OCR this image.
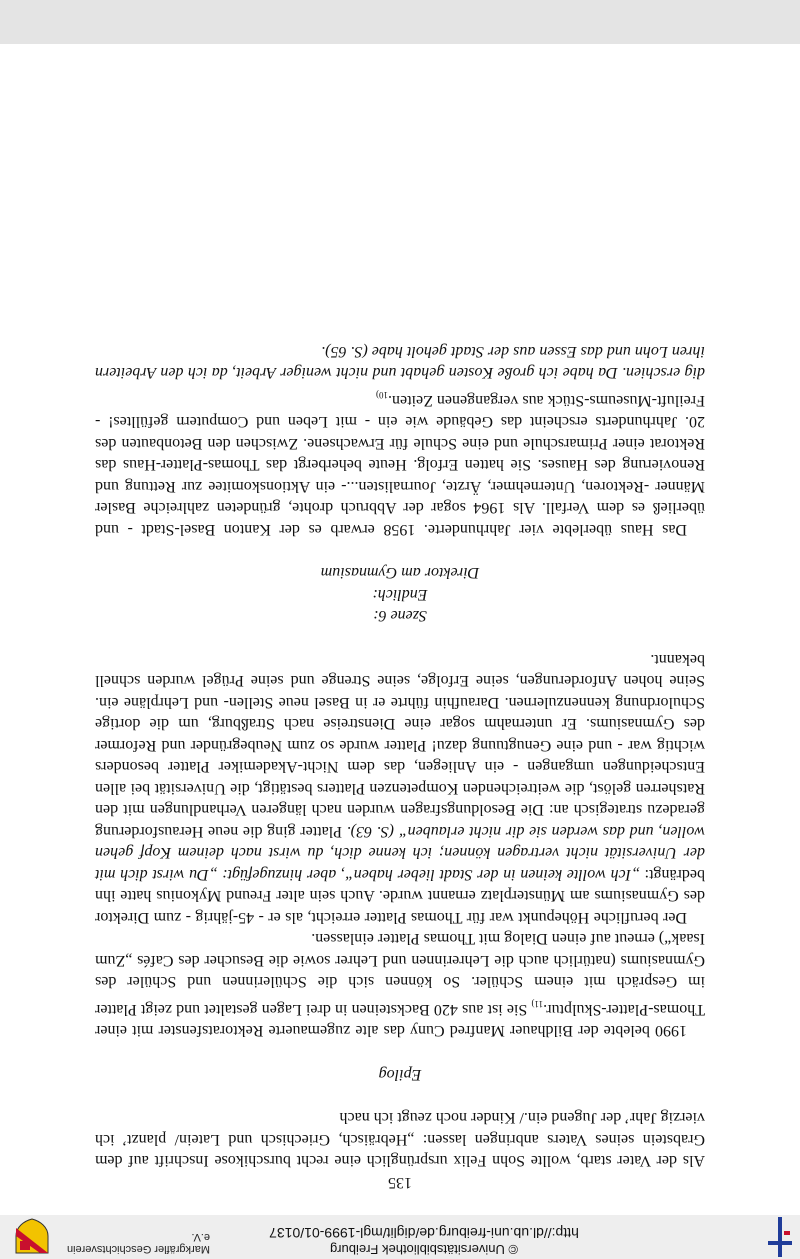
Markgräfler Geschichtsverein e.V.
© Universitätsbibliothek Freiburg
http://dl.ub.uni-freiburg.de/diglit/mgl-1999-01/0137

135

Als der Vater starb, wollte Sohn Felix ursprünglich eine recht burschikose Inschrift auf dem Grabstein seines Vaters anbringen lassen: „Hebräisch, Griechisch und Latein/ planzt’ ich vierzig Jahr’ der Jugend ein./ Kinder noch zeugt ich nach

Epilog

1990 belebte der Bildhauer Manfred Cuny das alte zugemauerte Rektoratsfenster mit einer Thomas-Platter-Skulptur.$^{11)}$ Sie ist aus 420 Backsteinen in drei Lagen gestaltet und zeigt Platter im Gespräch mit einem Schüler. So können sich die Schülerinnen und Schüler des Gymnasiums (natürlich auch die Lehrerinnen und Lehrer sowie die Besucher des Cafés „Zum Isaak“) erneut auf einen Dialog mit Thomas Platter einlassen.

Der berufliche Höhepunkt war für Thomas Platter erreicht, als er - 45-jährig - zum Direktor des Gymnasiums am Münsterplatz ernannt wurde. Auch sein alter Freund Mykonius hatte ihn bedrängt: „Ich wollte keinen in der Stadt lieber haben“, aber hinzugefügt: „Du wirst dich mit der Universität nicht vertragen können; ich kenne dich, du wirst nach deinem Kopf gehen wollen, und das werden sie dir nicht erlauben“ (S. 63). Platter ging die neue Herausforderung geradezu strategisch an: Die Besoldungsfragen wurden nach längeren Verhandlungen mit den Ratsherren gelöst, die weitreichenden Kompetenzen Platters bestätigt, die Universität bei allen Entscheidungen umgangen - ein Anliegen, das dem Nicht-Akademiker Platter besonders wichtig war - und eine Genugtuung dazu! Platter wurde so zum Neubegründer und Reformer des Gymnasiums. Er unternahm sogar eine Dienstreise nach Straßburg, um die dortige Schulordnung kennenzulernen. Daraufhin führte er in Basel neue Stellen- und Lehrpläne ein. Seine hohen Anforderungen, seine Erfolge, seine Strenge und seine Prügel wurden schnell bekannt.

Szene 6:
Endlich:
Direktor am Gymnasium

Das Haus überlebte vier Jahrhunderte. 1958 erwarb es der Kanton Basel-Stadt - und überließ es dem Verfall. Als 1964 sogar der Abbruch drohte, gründeten zahlreiche Basler Männer -Rektoren, Unternehmer, Ärzte, Journalisten...- ein Aktionskomitee zur Rettung und Renovierung des Hauses. Sie hatten Erfolg. Heute beherbergt das Thomas-Platter-Haus das Rektorat einer Primarschule und eine Schule für Erwachsene. Zwischen den Betonbauten des 20. Jahrhunderts erscheint das Gebäude wie ein - mit Leben und Computern gefülltes! -Freiluft-Museums-Stück aus vergangenen Zeiten.$^{10)}$

dig erschien. Da habe ich große Kosten gehabt und nicht weniger Arbeit, da ich den Arbeitern ihren Lohn und das Essen aus der Stadt geholt habe (S. 65).
